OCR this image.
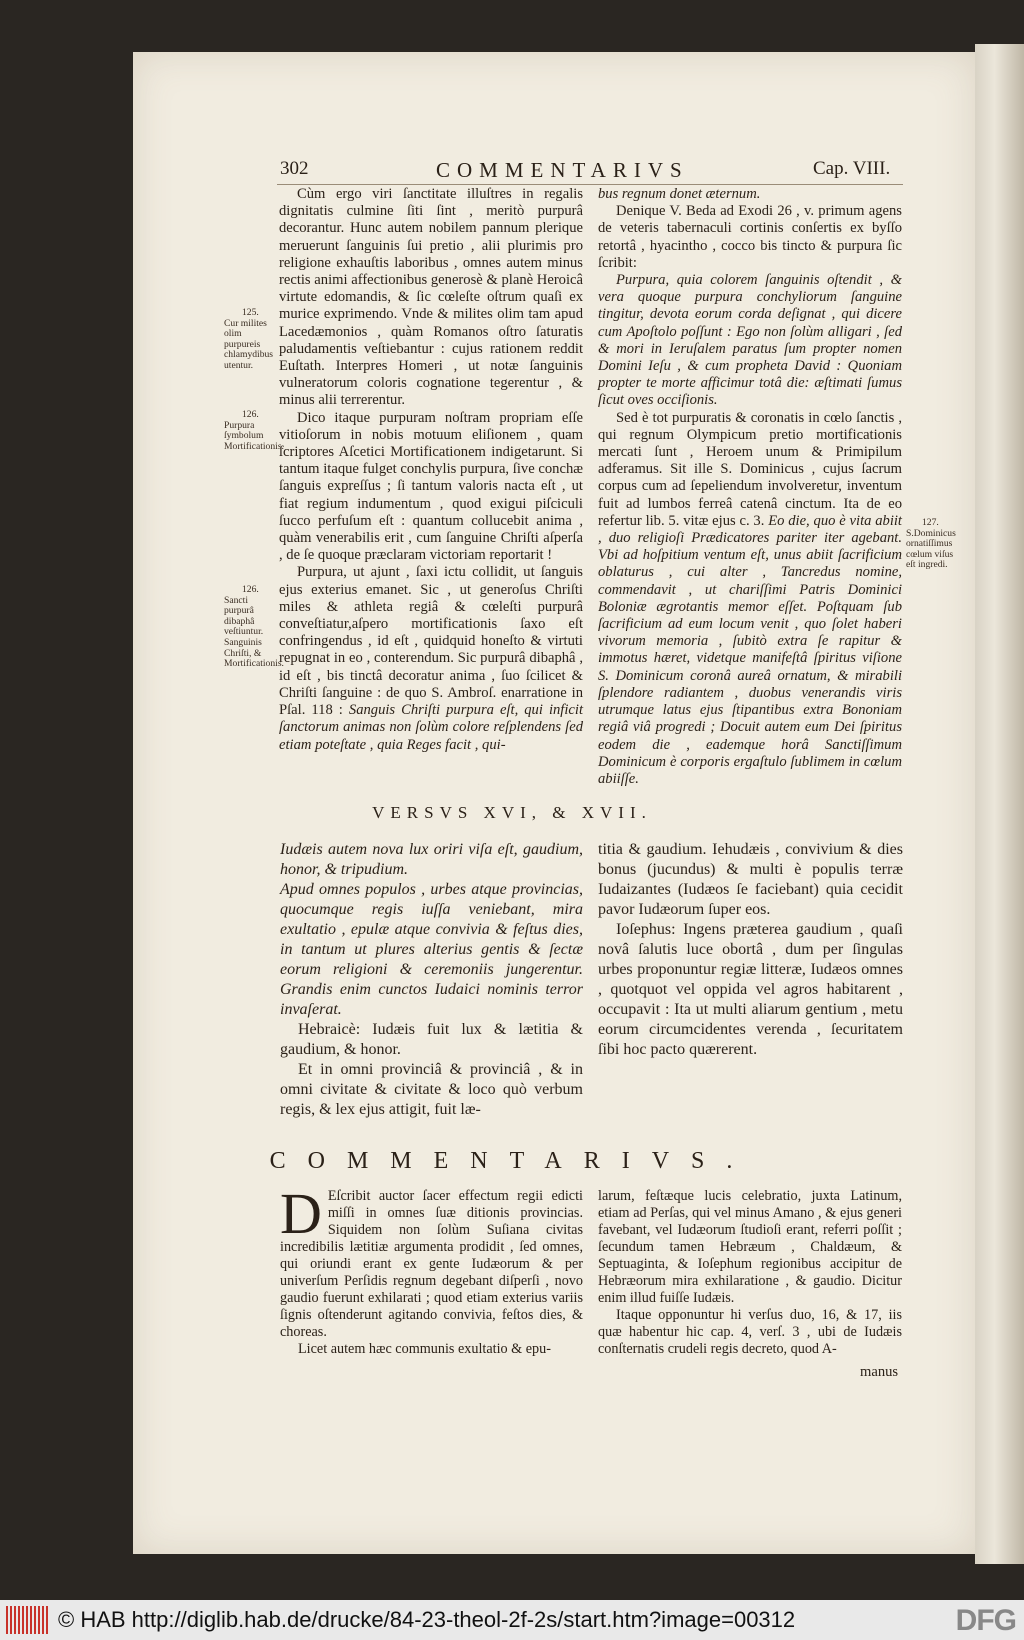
302	COMMENTARIVS	Cap. VIII.

Cùm ergo viri ſanctitate illuſtres in regalis dignitatis culmine ſiti ſint , meritò purpurâ decorantur. Hunc autem nobilem pannum plerique meruerunt ſanguinis ſui pretio , alii plurimis pro religione exhauſtis laboribus , omnes autem minus rectis animi affectionibus generosè & planè Heroicâ virtute edomandis, & ſic cœleſte oſtrum quaſi ex murice exprimendo. Vnde & milites olim tam apud Lacedæmonios , quàm Romanos oſtro ſaturatis paludamentis veſtiebantur : cujus rationem reddit Euſtath. Interpres Homeri , ut notæ ſanguinis vulneratorum coloris cognatione tegerentur , & minus alii terrerentur.

Dico itaque purpuram noſtram propriam eſſe vitioſorum in nobis motuum eliſionem , quam ſcriptores Aſcetici Mortificationem indigetarunt. Si tantum itaque fulget conchylis purpura, ſive conchæ ſanguis expreſſus ; ſi tantum valoris nacta eſt , ut fiat regium indumentum , quod exigui piſciculi ſucco perfuſum eſt : quantum collucebit anima , quàm venerabilis erit , cum ſanguine Chriſti aſperſa , de ſe quoque præclaram victoriam reportarit !

Purpura, ut ajunt , ſaxi ictu collidit, ut ſanguis ejus exterius emanet. Sic , ut generoſus Chriſti miles & athleta regiâ & cœleſti purpurâ conveſtiatur,aſpero mortificationis ſaxo eſt confringendus , id eſt , quidquid honeſto & virtuti repugnat in eo , conterendum. Sic purpurâ dibaphâ , id eſt , bis tinctâ decoratur anima , ſuo ſcilicet & Chriſti ſanguine : de quo S. Ambroſ. enarratione in Pſal. 118 : Sanguis Chriſti purpura eſt, qui inficit ſanctorum animas non ſolùm colore reſplendens ſed etiam poteſtate , quia Reges facit , qui-

125.
Cur milites olim purpureis chlamydibus utentur.
126.
Purpura ſymbolum Mortificationis.
126.
Sancti purpurâ dibaphâ veſtiuntur. Sanguinis Chriſti, & Mortificationis.
127.
S.Dominicus ornatiſſimus cœlum viſus eſt ingredi.

bus regnum donet æternum.

Denique V. Beda ad Exodi 26 , v. primum agens de veteris tabernaculi cortinis conſertis ex byſſo retortâ , hyacintho , cocco bis tincto & purpura ſic ſcribit:

Purpura, quia colorem ſanguinis oſtendit , & vera quoque purpura conchyliorum ſanguine tingitur, devota eorum corda deſignat , qui dicere cum Apoſtolo poſſunt : Ego non ſolùm alligari , ſed & mori in Ieruſalem paratus ſum propter nomen Domini Ieſu , & cum propheta David : Quoniam propter te morte afficimur totâ die: æſtimati ſumus ſicut oves occiſionis.

Sed è tot purpuratis & coronatis in cœlo ſanctis , qui regnum Olympicum pretio mortificationis mercati ſunt , Heroem unum & Primipilum adferamus. Sit ille S. Dominicus , cujus ſacrum corpus cum ad ſepeliendum involveretur, inventum fuit ad lumbos ferreâ catenâ cinctum. Ita de eo refertur lib. 5. vitæ ejus c. 3. Eo die, quo è vita abiit , duo religioſi Prædicatores pariter iter agebant. Vbi ad hoſpitium ventum eſt, unus abiit ſacrificium oblaturus , cui alter , Tancredus nomine, commendavit , ut chariſſimi Patris Dominici Boloniæ ægrotantis memor eſſet. Poſtquam ſub ſacrificium ad eum locum venit , quo ſolet haberi vivorum memoria , ſubitò extra ſe rapitur & immotus hæret, videtque manifeſtâ ſpiritus viſione S. Dominicum coronâ aureâ ornatum, & mirabili ſplendore radiantem , duobus venerandis viris utrumque latus ejus ſtipantibus extra Bononiam regiâ viâ progredi ; Docuit autem eum Dei ſpiritus eodem die , eademque horâ Sanctiſſimum Dominicum è corporis ergaſtulo ſublimem in cœlum abiiſſe.

VERSVS XVI, & XVII.

Iudæis autem nova lux oriri viſa eſt, gaudium, honor, & tripudium.

Apud omnes populos , urbes atque provincias, quocumque regis iuſſa veniebant, mira exultatio , epulæ atque convivia & feſtus dies, in tantum ut plures alterius gentis & ſectæ eorum religioni & ceremoniis jungerentur. Grandis enim cunctos Iudaici nominis terror invaſerat.

Hebraicè: Iudæis fuit lux & lætitia & gaudium, & honor.

Et in omni provinciâ & provinciâ , & in omni civitate & civitate & loco quò verbum regis, & lex ejus attigit, fuit læ-

titia & gaudium. Iehudæis , convivium & dies bonus (jucundus) & multi è populis terræ Iudaizantes (Iudæos ſe faciebant) quia cecidit pavor Iudæorum ſuper eos.

Ioſephus: Ingens præterea gaudium , quaſi novâ ſalutis luce obortâ , dum per ſingulas urbes proponuntur regiæ litteræ, Iudæos omnes , quotquot vel oppida vel agros habitarent , occupavit : Ita ut multi aliarum gentium , metu eorum circumcidentes verenda , ſecuritatem ſibi hoc pacto quærerent.

COMMENTARIVS.

D Eſcribit auctor ſacer effectum regii edicti miſſi in omnes ſuæ ditionis provincias. Siquidem non ſolùm Suſiana civitas incredibilis lætitiæ argumenta prodidit , ſed omnes, qui oriundi erant ex gente Iudæorum & per univerſum Perſidis regnum degebant diſperſi , novo gaudio fuerunt exhilarati ; quod etiam exterius variis ſignis oſtenderunt agitando convivia, feſtos dies, & choreas.

Licet autem hæc communis exultatio & epu-

larum, feſtæque lucis celebratio, juxta Latinum, etiam ad Perſas, qui vel minus Amano , & ejus generi favebant, vel Iudæorum ſtudioſi erant, referri poſſit ; ſecundum tamen Hebræum , Chaldæum, & Septuaginta, & Ioſephum regionibus accipitur de Hebræorum mira exhilaratione , & gaudio. Dicitur enim illud fuiſſe Iudæis.

Itaque opponuntur hi verſus duo, 16, & 17, iis quæ habentur hic cap. 4, verſ. 3 , ubi de Iudæis conſternatis crudeli regis decreto, quod A-

manus
© HAB http://diglib.hab.de/drucke/84-23-theol-2f-2s/start.htm?image=00312	DFG
